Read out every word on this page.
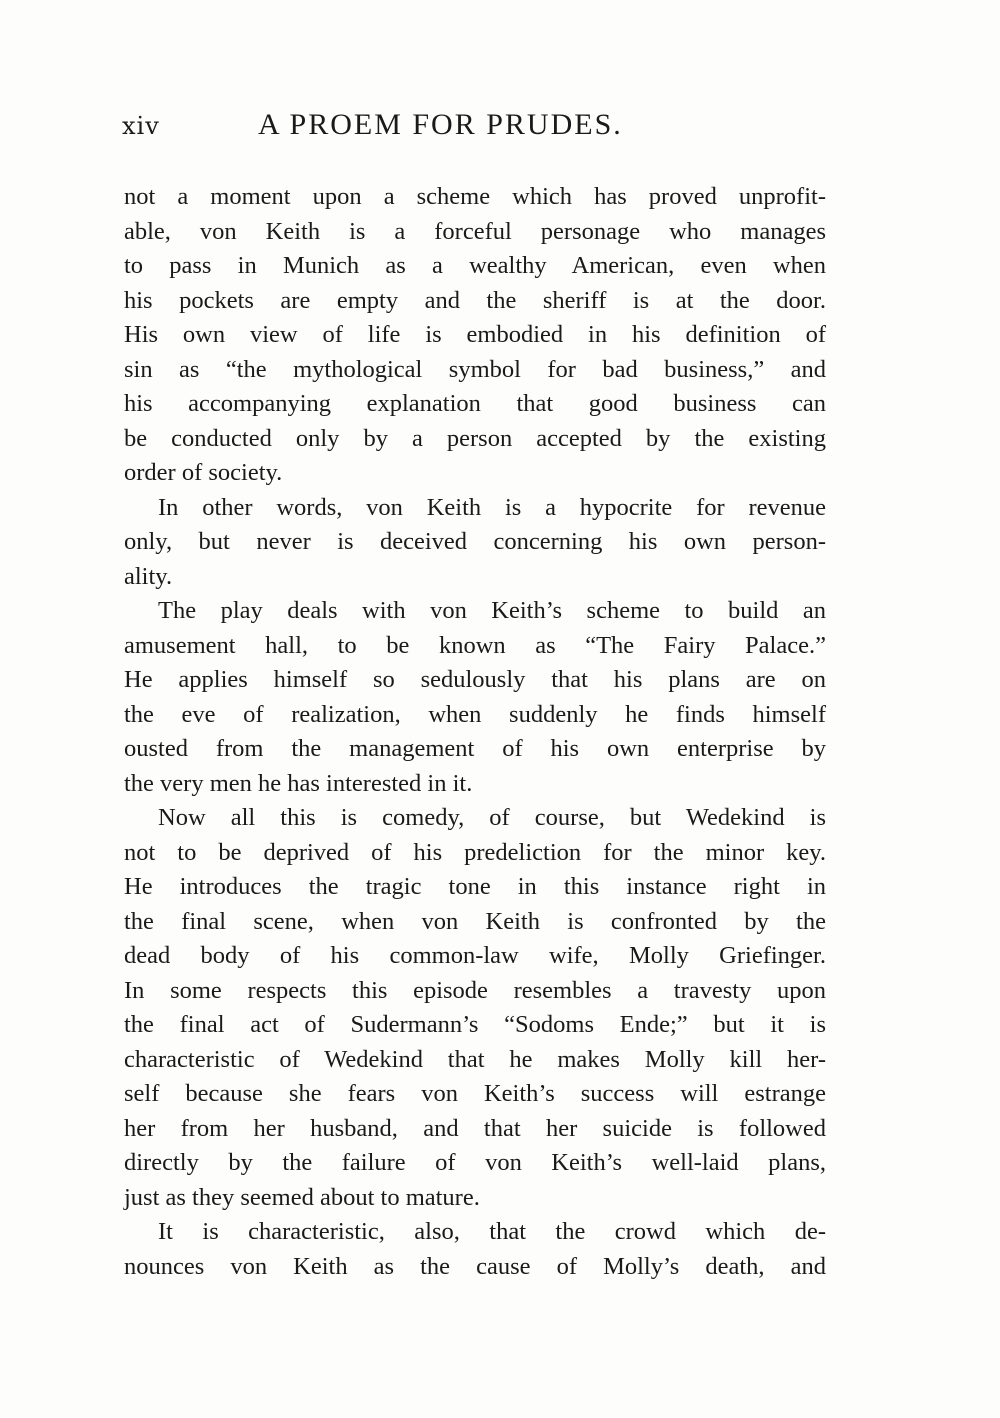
xiv	A PROEM FOR PRUDES.
not a moment upon a scheme which has proved unprofit-
able, von Keith is a forceful personage who manages
to pass in Munich as a wealthy American, even when
his pockets are empty and the sheriff is at the door.
His own view of life is embodied in his definition of
sin as “the mythological symbol for bad business,” and
his accompanying explanation that good business can
be conducted only by a person accepted by the existing
order of society.
In other words, von Keith is a hypocrite for revenue
only, but never is deceived concerning his own person-
ality.
The play deals with von Keith’s scheme to build an
amusement hall, to be known as “The Fairy Palace.”
He applies himself so sedulously that his plans are on
the eve of realization, when suddenly he finds himself
ousted from the management of his own enterprise by
the very men he has interested in it.
Now all this is comedy, of course, but Wedekind is
not to be deprived of his predeliction for the minor key.
He introduces the tragic tone in this instance right in
the final scene, when von Keith is confronted by the
dead body of his common-law wife, Molly Griefinger.
In some respects this episode resembles a travesty upon
the final act of Sudermann’s “Sodoms Ende;” but it is
characteristic of Wedekind that he makes Molly kill her-
self because she fears von Keith’s success will estrange
her from her husband, and that her suicide is followed
directly by the failure of von Keith’s well-laid plans,
just as they seemed about to mature.
It is characteristic, also, that the crowd which de-
nounces von Keith as the cause of Molly’s death, and
